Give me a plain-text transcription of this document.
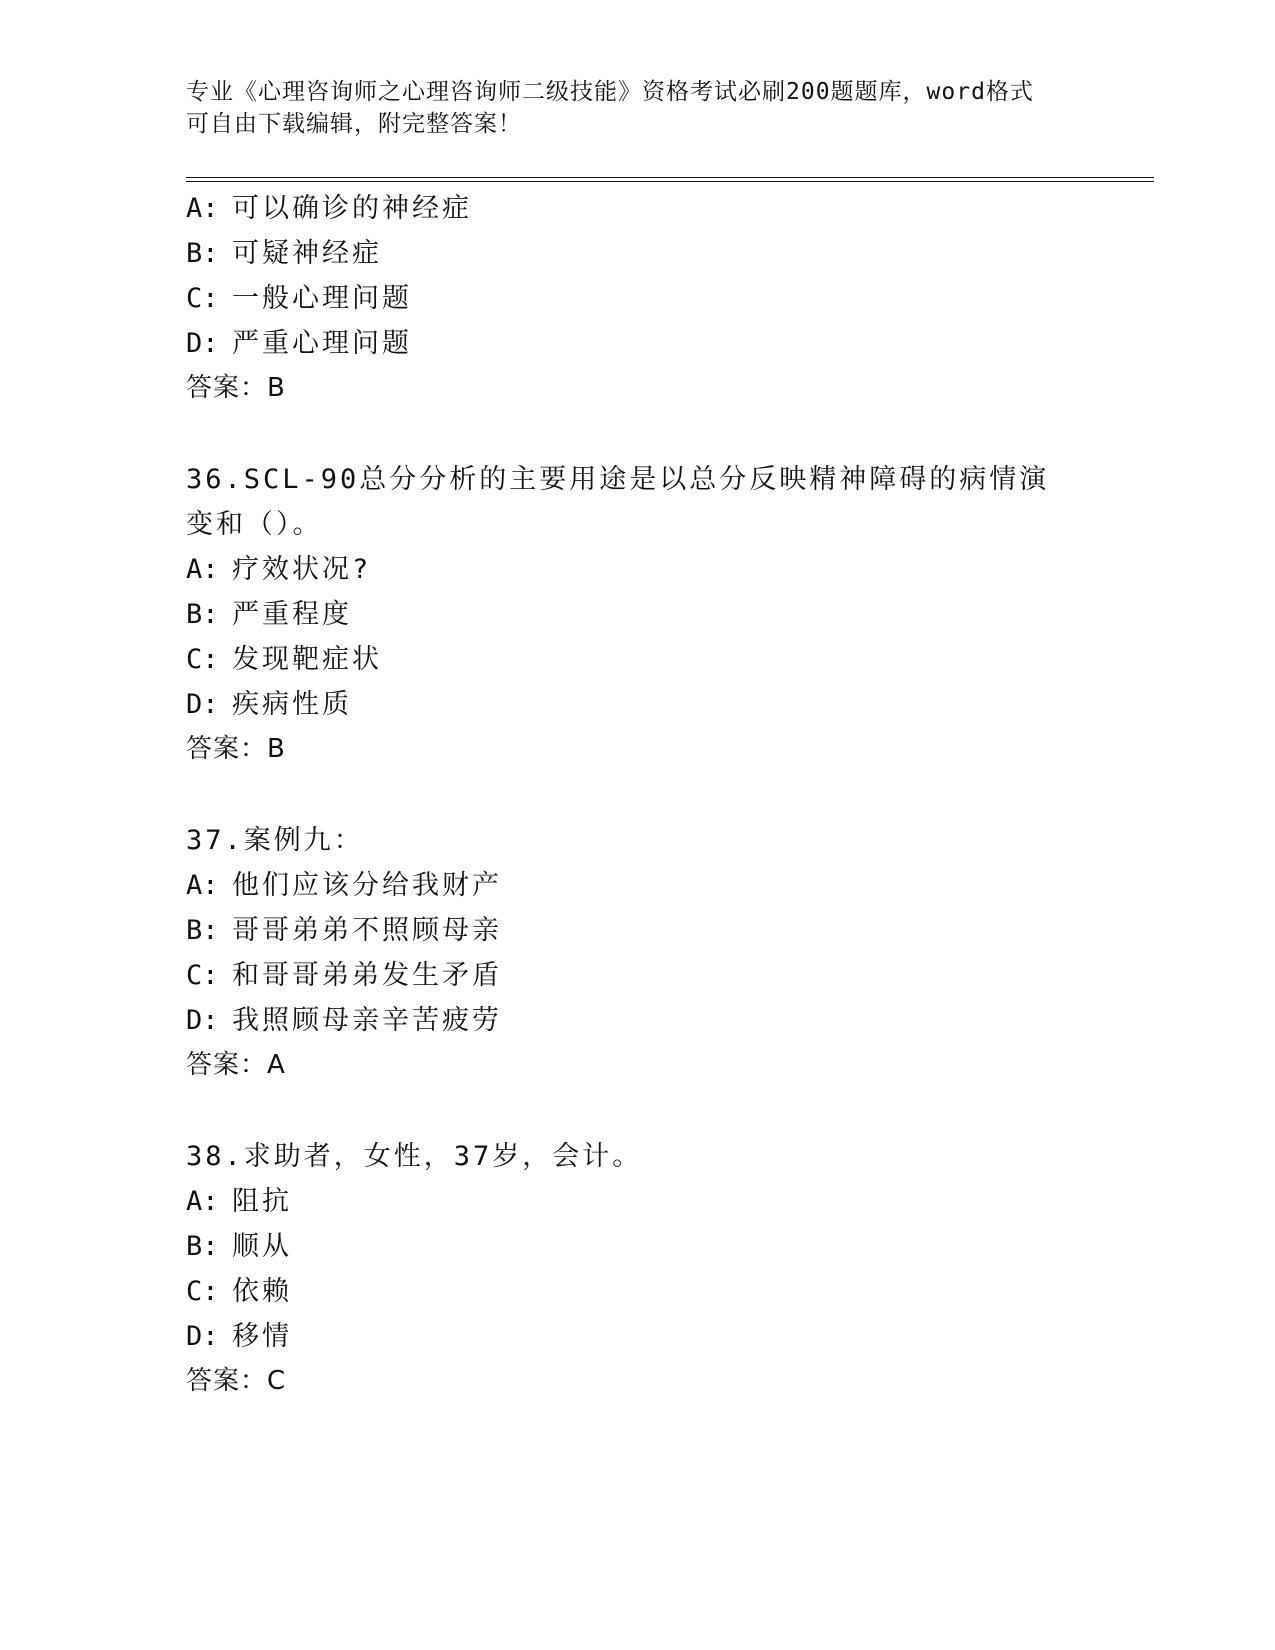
专业《心理咨询师之心理咨询师二级技能》资格考试必刷200题题库，word格式
可自由下载编辑，附完整答案！
A: 可以确诊的神经症
B: 可疑神经症
C: 一般心理问题
D: 严重心理问题
答案：B
36.SCL-90总分分析的主要用途是以总分反映精神障碍的病情演变和（）。
A: 疗效状况?
B: 严重程度
C: 发现靶症状
D: 疾病性质
答案：B
37.案例九：
A: 他们应该分给我财产
B: 哥哥弟弟不照顾母亲
C: 和哥哥弟弟发生矛盾
D: 我照顾母亲辛苦疲劳
答案：A
38.求助者，女性，37岁，会计。
A: 阻抗
B: 顺从
C: 依赖
D: 移情
答案：C
